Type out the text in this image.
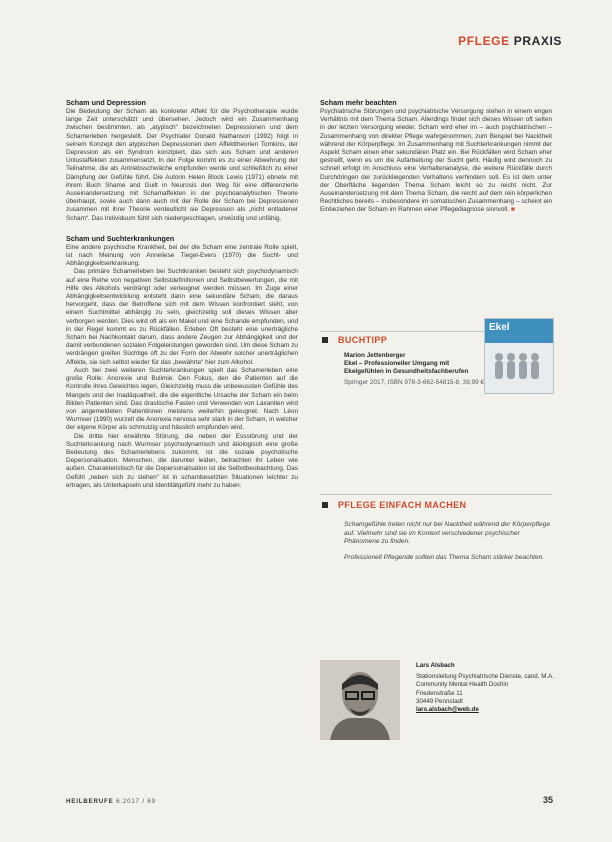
PFLEGE PRAXIS
Scham und Depression

Die Bedeutung der Scham als konkreter Affekt für die Psychotherapie wurde lange Zeit unterschätzt und übersehen. Jedoch wird ein Zusammenhang zwischen bestimmten, als „atypisch“ bezeichneten Depressionen und dem Schamerleben hergestellt. Der Psychiater Donald Nathanson (1992) folgt in seinem Konzept den atypischen Depressionen dem Affekttheorien Tomkins, der Depression als ein Syndrom konzipiert, das sich aus Scham und anderen Unlustaffekten zusammensetzt. In der Folge kommt es zu einer Abwehrung der Teilnahme, die als Antriebsschwäche empfunden werde und schließlich zu einer Dämpfung der Gefühle führt. Die Autorin Helen Block Lewis (1971) ebnete mit ihrem Buch Shame and Guilt in Neurosis den Weg für eine differenzierte Auseinandersetzung mit Schamaffekten in der psychoanalytischen Theorie überhaupt, sowie auch dann auch mit der Rolle der Scham bei Depressionen zusammen mit ihrer Theorie verdeutlicht sie Depression als „nicht entladener Scham“. Das Individuum fühlt sich niedergeschlagen, unwürdig und unfähig.

Scham und Suchterkrankungen

Eine andere psychische Krankheit, bei der die Scham eine zentrale Rolle spielt, ist nach Meinung von Anneliese Tiegel-Evers (1970) die Sucht- und Abhängigkeitserkrankung.

Das primäre Schamerleben bei Suchtkranken besteht sich psychodynamisch auf eine Reihe von negativen Selbstdefinitionen und Selbstbewertungen, die mit Hilfe des Alkohols verdrängt oder verleugnet werden müssen. Im Zuge einer Abhängigkeitsentwicklung entsteht dann eine sekundäre Scham, die daraus hervorgeht, dass der Betroffene sich mit dem Wissen konfrontiert sieht, von einem Suchtmittel abhängig zu sein, gleichzeitig soll dieses Wissen aber verborgen werden. Dies wird oft als ein Makel und eine Schande empfunden, und in der Regel kommt es zu Rückfällen. Erleben Oft besteht eine unerträgliche Scham bei Nachkontakt darum, dass andere Zeugen zur Abhängigkeit und der damit verbundenen sozialen Folgeleistungen geworden sind. Um diese Scham zu verdrängen greifen Süchtige oft zu der Form der Abwehr solcher unerträglichen Affekte, sie sich selbst wieder für das „bewährte“ hier zum Alkohol.

Auch bei zwei weiteren Suchterkrankungen spielt das Schamerleben eine große Rolle: Anorexie und Bulimie. Den Fokus, den die Patienten auf die Kontrolle ihres Gewichtes legen, Gleichzeitig muss die unbewussten Gefühle des Mangels und der Inadäquatheit, die die eigentliche Ursache der Scham ein beim Bilden Patienten sind. Das drastische Fasten und Verwenden von Laxantien wird von angemeldeten Patientinnen meistens weiterhin geleugnet. Nach Léon Wurmser (1990) wurzelt die Anorexia nervosa sehr stark in der Scham, in welcher der eigene Körper als schmutzig und hässlich empfunden wird.

Die dritte hier erwähnte Störung, die neben der Essstörung und der Suchterkrankung nach Wurmser psychodynamisch und ätiologisch eine große Bedeutung des Schamerlebens zukommt, ist die soziale psychotische Depersonalisation. Menschen, die darunter leiden, betrachten ihr Leben wie außen. Charakteristisch für die Depersonalisation ist die Selbstbeobachtung. Das Gefühl „neben sich zu stehen“ ist in schambesetzten Situationen leichter zu ertragen, als Unterkapseln und Identitätgefühl mehr zu haben.

Scham mehr beachten

Psychiatrische Störungen und psychiatrische Versorgung stehen in einem engen Verhältnis mit dem Thema Scham. Allerdings findet sich dieses Wissen oft selten in der letzten Versorgung wieder. Scham wird eher im – auch psychiatrischen – Zusammenhang von direkter Pflege wahrgenommen, zum Beispiel bei Nacktheit während der Körperpflege. Im Zusammenhang mit Suchterkrankungen nimmt der Aspekt Scham einen eher sekundären Platz ein. Bei Rückfällen wird Scham eher gestreift, wenn es um die Aufarbeitung der Sucht geht. Häufig wird dennoch zu schnell erfolgt im Anschluss eine Verhaltenanalyse, die weitere Rückfälle durch Durchdringen der zurückliegenden Verhaltens verhindern soll. Es ist dem unter der Oberfläche liegenden Thema Scham leicht so zu reicht nicht. Zur Auseinandersetzung mit dem Thema Scham, die reicht auf dem rein körperlichen Rechtliches bereits – insbesondere im somatischen Zusammenhang – scheint ein Einbeziehen der Scham im Rahmen einer Pflegediagnose sinnvoll. ■

BUCHTIPP
Marion Jettenberger
Ekel – Professioneller Umgang mit Ekelgefühlen in Gesundheitsfachberufen
Springer 2017, ISBN 978-3-662-54815-8, 39,99 €
Ekel
PFLEGE EINFACH MACHEN

Schamgefühle treten nicht nur bei Nacktheit während der Körperpflege auf. Vielmehr sind sie im Kontext verschiedener psychischer Phänomene zu finden.

Professionell Pflegende sollten das Thema Scham stärker beachten.

Lars Alsbach
Stationsleitung Psychiatrische Dienste, cand. M.A.
Community Mental Health Doshin
Friedenstraße 11
30449 Pennstadt
lars.alsbach@web.de
HEILBERUFE 6.2017 / 69	35
